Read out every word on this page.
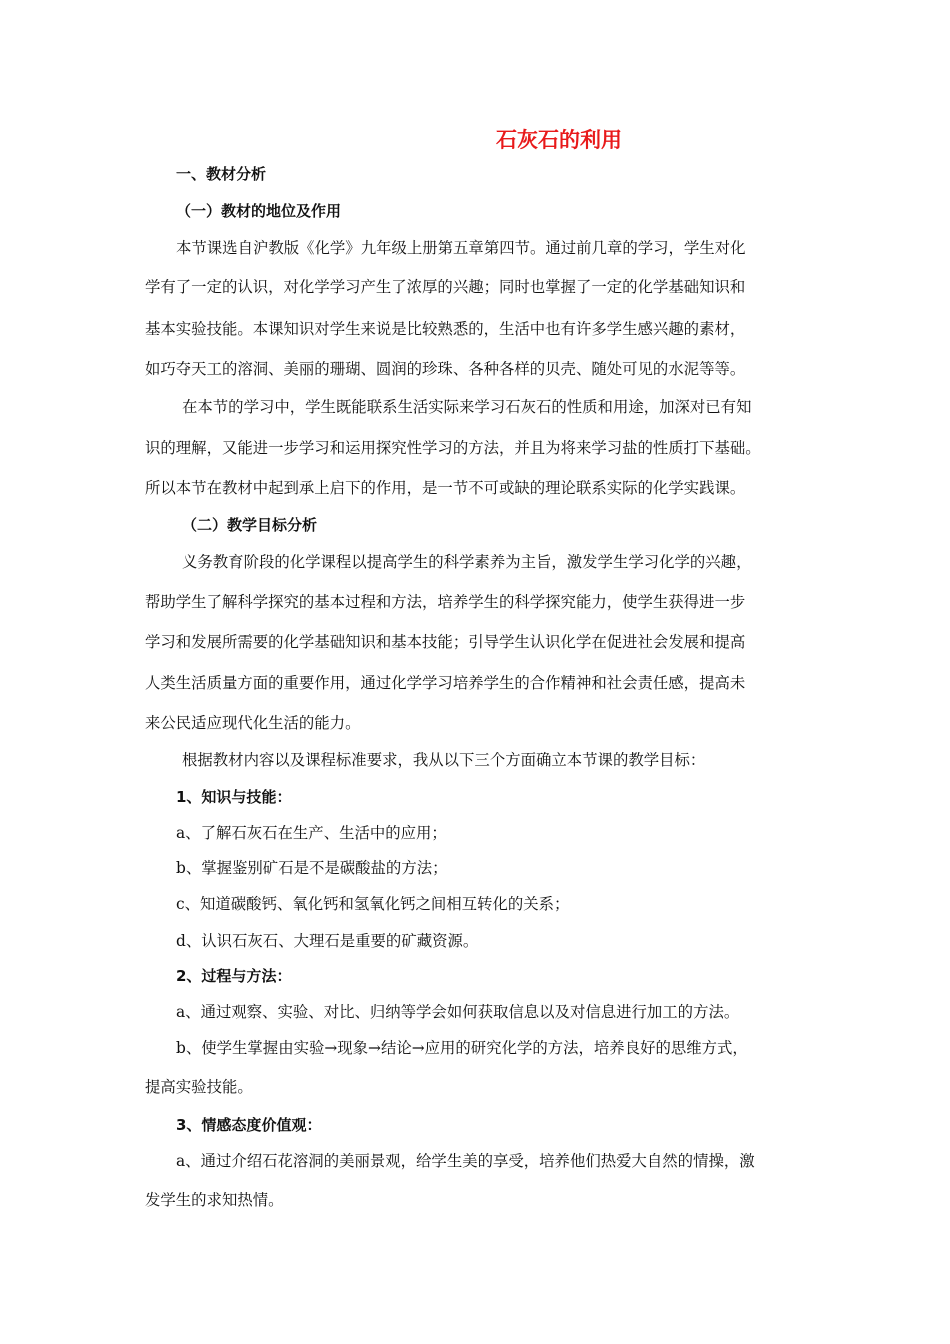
石灰石的利用
一、教材分析
（一）教材的地位及作用
本节课选自沪教版《化学》九年级上册第五章第四节。通过前几章的学习，学生对化
学有了一定的认识，对化学学习产生了浓厚的兴趣；同时也掌握了一定的化学基础知识和
基本实验技能。本课知识对学生来说是比较熟悉的，生活中也有许多学生感兴趣的素材，
如巧夺天工的溶洞、美丽的珊瑚、圆润的珍珠、各种各样的贝壳、随处可见的水泥等等。
在本节的学习中，学生既能联系生活实际来学习石灰石的性质和用途，加深对已有知
识的理解，又能进一步学习和运用探究性学习的方法，并且为将来学习盐的性质打下基础。
所以本节在教材中起到承上启下的作用，是一节不可或缺的理论联系实际的化学实践课。
（二）教学目标分析
义务教育阶段的化学课程以提高学生的科学素养为主旨，激发学生学习化学的兴趣，
帮助学生了解科学探究的基本过程和方法，培养学生的科学探究能力，使学生获得进一步
学习和发展所需要的化学基础知识和基本技能；引导学生认识化学在促进社会发展和提高
人类生活质量方面的重要作用，通过化学学习培养学生的合作精神和社会责任感，提高未
来公民适应现代化生活的能力。
根据教材内容以及课程标准要求，我从以下三个方面确立本节课的教学目标：
1、知识与技能：
a、了解石灰石在生产、生活中的应用；
b、掌握鉴别矿石是不是碳酸盐的方法；
c、知道碳酸钙、氧化钙和氢氧化钙之间相互转化的关系；
d、认识石灰石、大理石是重要的矿藏资源。
2、过程与方法：
a、通过观察、实验、对比、归纳等学会如何获取信息以及对信息进行加工的方法。
b、使学生掌握由实验→现象→结论→应用的研究化学的方法，培养良好的思维方式，
提高实验技能。
3、情感态度价值观：
a、通过介绍石花溶洞的美丽景观，给学生美的享受，培养他们热爱大自然的情操，激
发学生的求知热情。
